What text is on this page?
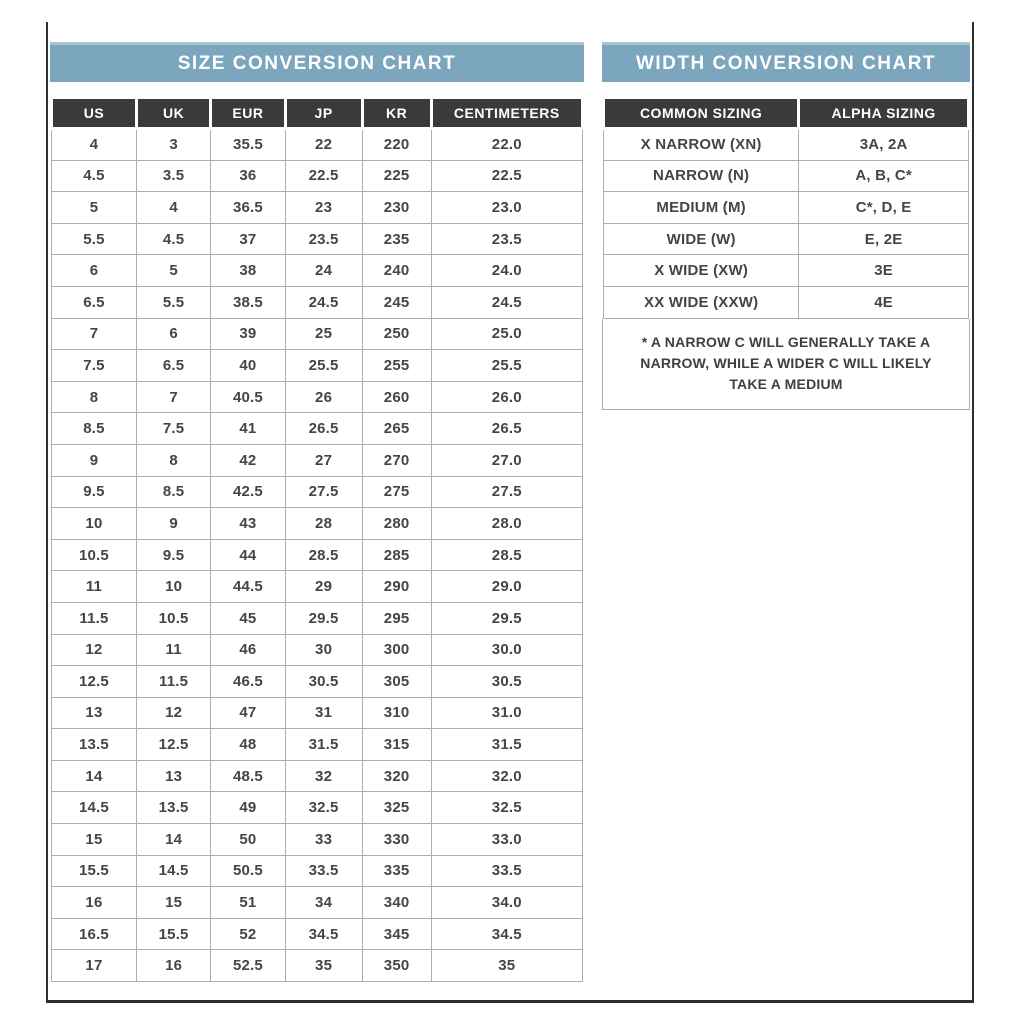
SIZE CONVERSION CHART
US	UK	EUR	JP	KR	CENTIMETERS
4	3	35.5	22	220	22.0
4.5	3.5	36	22.5	225	22.5
5	4	36.5	23	230	23.0
5.5	4.5	37	23.5	235	23.5
6	5	38	24	240	24.0
6.5	5.5	38.5	24.5	245	24.5
7	6	39	25	250	25.0
7.5	6.5	40	25.5	255	25.5
8	7	40.5	26	260	26.0
8.5	7.5	41	26.5	265	26.5
9	8	42	27	270	27.0
9.5	8.5	42.5	27.5	275	27.5
10	9	43	28	280	28.0
10.5	9.5	44	28.5	285	28.5
11	10	44.5	29	290	29.0
11.5	10.5	45	29.5	295	29.5
12	11	46	30	300	30.0
12.5	11.5	46.5	30.5	305	30.5
13	12	47	31	310	31.0
13.5	12.5	48	31.5	315	31.5
14	13	48.5	32	320	32.0
14.5	13.5	49	32.5	325	32.5
15	14	50	33	330	33.0
15.5	14.5	50.5	33.5	335	33.5
16	15	51	34	340	34.0
16.5	15.5	52	34.5	345	34.5
17	16	52.5	35	350	35
WIDTH CONVERSION CHART
COMMON SIZING	ALPHA SIZING
X NARROW (XN)	3A, 2A
NARROW (N)	A, B, C*
MEDIUM (M)	C*, D, E
WIDE (W)	E, 2E
X WIDE (XW)	3E
XX WIDE (XXW)	4E
* A NARROW C WILL GENERALLY TAKE A NARROW, WHILE A WIDER C WILL LIKELY TAKE A MEDIUM
